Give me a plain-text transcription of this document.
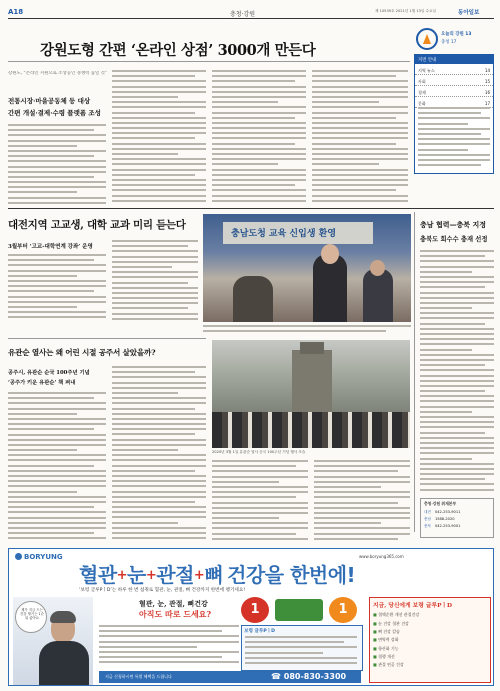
A18	충청·강원	제 10539호 2021년 1월 13일 수요일	동아일보
강원도형 간편 ‘온라인 상점’ 3000개 만든다
강원도, “온라인 지원으로 소상공인 경쟁력 높일 것”
전통시장·마을공동체 등 대상
간편 개설·결제·수령 플랫폼 조성
오늘의 강원 13
충청 17
지면 안내
지역 뉴스	14
사회	15
경제	16
문화	17
대전지역 고교생, 대학 교과 미리 듣는다
3월부터 ‘고교-대학연계 강좌’ 운영
충남도청 교육 신입생 환영
충남 협력—충북 지정
충북도 회수수 충재 선정
유관순 열사는 왜 어린 시절 공주서 살았을까?
공주시, 유관순 순국 100주년 기념
‘공주가 키운 유관순’ 책 펴내
2020년 3월 1일 유관순 열사 순국 100주년 기념 행사 모습
충청·강원 취재본부
대전 042-253-9011
충남 1588-2020
충북 042-253-9001
BORYUNG	www.boryung365.com
혈관+눈+관절+뼈 건강을 한번에!
‘보령 글루PㅣD’는 하루 한 번 섭취로 혈관, 눈, 관절, 뼈 건강까지 한번에 챙기세요!
제가 지금 드는 건강 챙기는 1순위 좋아요
혈관, 눈, 관절, 뼈건강
아직도 따로 드세요?
보령 글루PㅣD
1	1
지금 신청하시면 특별 혜택을 드립니다	☎ 080-830-3300
지금, 당신에게 보령 글루PㅣD
■ 혈액순환 개선 관절건강
■ 눈 건강 혈관 건강
■ 뼈 건강 칼슘
■ 면역력 강화
■ 항산화 기능
■ 혈행 개선
■ 관절 연골 건강
